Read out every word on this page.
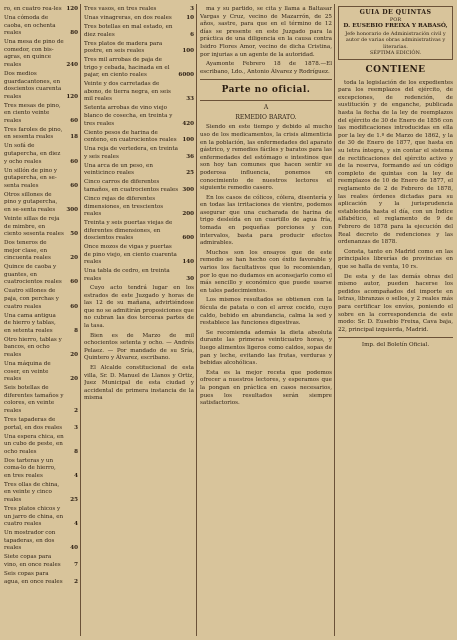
ro, en cuatro rea-les 120
Una cómoda de caoba, en ochenta reales	80
Una mesa de pino de comedor, con bis-agras, en quince reales	240
Dos medios guardacantones, en doscientos cuarenta reales	120
Tres mesas de pino, en ciento veinte reales	60
Tres faroles de pino, en sesenta reales	18
Un sofá de gutapercha, en diez y ocho reales	60
Un sillón de pino y gutapercha, en se-senta reales	60
Otros sillones de pino y gutapercha, en se-senta reales	300
Veinte sillas de reja de mimbre, en ciento sesenta reales	50
Dos teneros de mejor clase, en cincuenta reales	20
Quince de caoba y guantes, en cuatrocientos reales	60
Cuatro sillones de paja, con perchas y cuatro reales	60
Una cama antigua de hierro y tablas, en setenta reales	8
Otro hierro, tablas y bancos, en ocho reales	20
Una máquina de coser, en veinte reales	20
Seis botellas de diferentes tamaños y colores, en veinte reales	2
Tres tapaderas de portal, en dos reales	3
Una espera chica, en un cubo de peste, en ocho reales	8
Dos tarteras y un coma-lo de hierro, en tres reales	4
Tres ollas de china, en veinte y cinco reales	25
Tres platos chicos y un jarro de china, en cuatro reales	4
Un mostrador con tapaderas, en dos reales	40
Siete copas para vino, en once reales	7
Seis copas para agua, en once reales	2
Tres vasos, en tres reales	3
Unas vinagreras, en dos reales	10
Tres botellas en mal estado, en diez reales	6
Tres platos de madera para postre, en seis reales	100
Tres mil arrobas de paja de trigo y cebada, hacinada en el pajar, en ciento reales	6000
Veinte y dos carretadas de abono, de tierra negra, en seis mil reales	33
Setenta arrobas de vino viejo blanco de cosecha, en treinta y tres reales	420
Ciento pesos de harina de centeno, en cuatrocientos reales	100
Una reja de vertedera, en treinta y seis reales	36
Una arca de un peso, en veinticinco reales	25
Cinco carros de diferentes tamaños, en cuatrocientos reales 300
Cinco rejas de diferentes dimensiones, en trescientos reales	200
Treinta y seis puertas viejas de diferentes dimensiones, en doscientos reales	600
Once mozos de vigas y puertas de pino viejo, en ciento cuarenta reales	140
Una tabla de cedro, en treinta reales	30

Cuyo acto tendrá lugar en los estrados de este Juzgado y horas de las 12 de su mañana, advirtiéndose que no se admitirán proposiciones que no cubran las dos terceras partes de la tasa.

Bien es de Marzo de mil ochocientos setenta y ocho. — Andrés Pelaez. — Por mandado de su Sría, Quintero y Álvarez, escribano.

El Alcalde constitucional de esta villa, Sr. D. Manuel de Llanos y Ortiz, Juez Municipal de esta ciudad y accidental de primera instancia de la misma

ma y su partido, se cita y llama a Baltasar Vargas y Cruz, vecino de Mazarrón, de 25 años, sastre, para que en el término de 12 días se presente en este Juzgado para la práctica de una diligencia en la causa contra Isidro Flores Amor, vecino de dicha Cristina, por injurias a un agente de la autoridad.

Ayamonte Febrero 18 de 1878.—El escribano, Ldo., Antonio Álvarez y Rodríguez.

Parte no oficial.
A
REMEDIO BARATO.

Siendo en este tiempo y debido al mucho uso de los medicamentos, la crisis alimenticia en la población, las enfermedades del aparato gástrico, y remedios fáciles y baratos para las enfermedades del estómago e intestinos que son hoy tan comunes que hacen sentir su poderosa influencia, ponemos en conocimiento de nuestros lectores el siguiente remedio casero.

En los casos de cólicos, cólera, disentería y en todas las irritaciones de vientre, podemos asegurar que una cucharada de harina de trigo desleída en un cuartillo de agua fría, tomada en pequeñas porciones y con intervalos, basta para producir efectos admirables.

Muchos son los ensayos que de este remedio se han hecho con éxito favorable y varios los facultativos que lo recomiendan, por lo que no dudamos en aconsejarlo como el más sencillo y económico que puede usarse en tales padecimientos.

Los mismos resultados se obtienen con la fécula de patata o con el arroz cocido, cuyo caldo, bebido en abundancia, calma la sed y restablece las funciones digestivas.

Se recomienda además la dieta absoluta durante las primeras veinticuatro horas, y luego alimentos ligeros como caldos, sopas de pan y leche, evitando las frutas, verduras y bebidas alcohólicas.

Esta es la mejor receta que podemos ofrecer a nuestros lectores, y esperamos que la pongan en práctica en casos necesarios, pues los resultados serán siempre satisfactorios.

GUIA DE QUINTAS
POR
D. EUSEBIO FREIXA Y RABASÓ,
Jefe honorario de Administración civil y autor de varias obras administrativas y literarias.
SÉPTIMA EDICIÓN.
CONTIENE

toda la legislación de los expedientes para los reemplazos del ejército, de excepciones, de redención, de sustitución y de enganche, publicada hasta la fecha de la ley de reemplazos del ejército de 30 de Enero de 1856 con las modificaciones introducidas en ella por la ley de 1.º de Marzo de 1862, y la de 30 de Enero de 1877, que hasta en su letra íntegra, y sin contar el sistema de rectificaciones del ejército activo y de la reserva, formando así un código completo de quintas con la ley de reemplazos de 10 de Enero de 1877, el reglamento de 2 de Febrero de 1878, las reales órdenes dictadas para su aplicación y la jurisprudencia establecida hasta el día, con un Índice alfabético, el reglamento de 9 de Febrero de 1878 para la ejecución del Real decreto de redenciones y las ordenanzas de 1878.

Consta, tanto en Madrid como en las principales librerías de provincias en que se halla de venta, 10 rs.

De esta y de las demás obras del mismo autor, pueden hacerse los pedidos acompañados del importe en letras, libranzas o sellos, y 2 reales más para certificar los envíos, poniendo el sobre en la correspondencia de este modo: Sr. D. Eusebio Freixa, Cava baja, 22, principal izquierda, Madrid.

Imp. del Boletín Oficial.
